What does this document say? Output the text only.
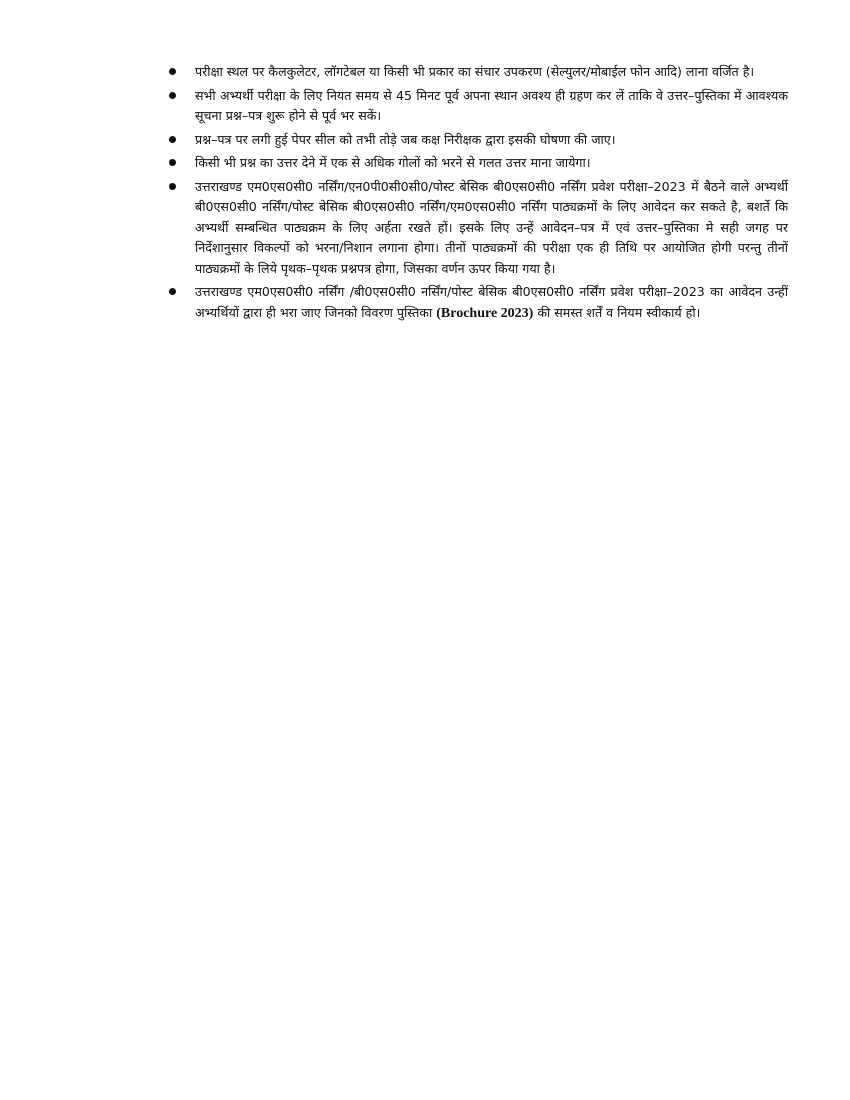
परीक्षा स्थल पर कैलकुलेटर, लॉगटेबल या किसी भी प्रकार का संचार उपकरण (सेल्युलर/मोबाईल फोन आदि) लाना वर्जित है।
सभी अभ्यर्थी परीक्षा के लिए नियत समय से 45 मिनट पूर्व अपना स्थान अवश्य ही ग्रहण कर लें ताकि वे उत्तर–पुस्तिका में आवश्यक सूचना प्रश्न–पत्र शुरू होने से पूर्व भर सकें।
प्रश्न–पत्र पर लगी हुई पेपर सील को तभी तोड़े जब कक्ष निरीक्षक द्वारा इसकी घोषणा की जाए।
किसी भी प्रश्न का उत्तर देने में एक से अधिक गोलों को भरने से गलत उत्तर माना जायेगा।
उत्तराखण्ड एम0एस0सी0 नर्सिंग/एन0पी0सी0सी0/पोस्ट बेसिक बी0एस0सी0 नर्सिंग प्रवेश परीक्षा–2023 में बैठने वाले अभ्यर्थी बी0एस0सी0 नर्सिंग/पोस्ट बेसिक बी0एस0सी0 नर्सिंग/एम0एस0सी0 नर्सिंग पाठ्यक्रमों के लिए आवेदन कर सकते है, बशर्ते कि अभ्यर्थी सम्बन्धित पाठ्यक्रम के लिए अर्हता रखते हों। इसके लिए उन्हें आवेदन–पत्र में एवं उत्तर–पुस्तिका मे सही जगह पर निर्देशानुसार विकल्पों को भरना/निशान लगाना होगा। तीनों पाठ्यक्रमों की परीक्षा एक ही तिथि पर आयोजित होगी परन्तु तीनों पाठ्यक्रमों के लिये पृथक–पृथक प्रश्नपत्र होगा, जिसका वर्णन ऊपर किया गया है।
उत्तराखण्ड एम0एस0सी0 नर्सिंग /बी0एस0सी0 नर्सिंग/पोस्ट बेसिक बी0एस0सी0 नर्सिंग प्रवेश परीक्षा–2023 का आवेदन उन्हीं अभ्यर्थियों द्वारा ही भरा जाए जिनको विवरण पुस्तिका (Brochure 2023) की समस्त शर्तें व नियम स्वीकार्य हो।
